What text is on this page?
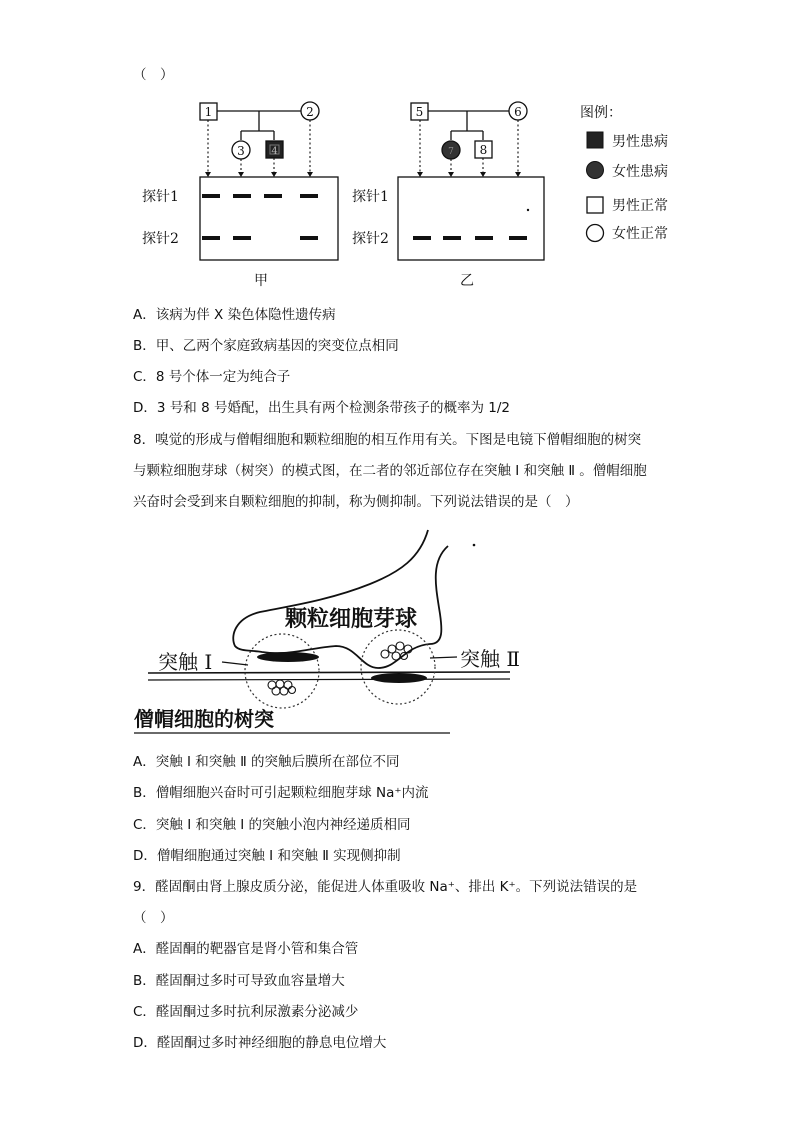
（　）
1	2
3	4
5	6
7 8
探针1
探针2
探针1
探针2
甲	乙
图例：
男性患病
女性患病
男性正常
女性正常
A．该病为伴 X 染色体隐性遗传病
B．甲、乙两个家庭致病基因的突变位点相同
C．8 号个体一定为纯合子
D．3 号和 8 号婚配，出生具有两个检测条带孩子的概率为 1/2
8．嗅觉的形成与僧帽细胞和颗粒细胞的相互作用有关。下图是电镜下僧帽细胞的树突
与颗粒细胞芽球（树突）的模式图，在二者的邻近部位存在突触 I 和突触 Ⅱ 。僧帽细胞
兴奋时会受到来自颗粒细胞的抑制，称为侧抑制。下列说法错误的是（　）
颗粒细胞芽球
突触 I	突触 Ⅱ
僧帽细胞的树突
A．突触 I 和突触 Ⅱ 的突触后膜所在部位不同
B．僧帽细胞兴奋时可引起颗粒细胞芽球 Na⁺内流
C．突触 I 和突触 I 的突触小泡内神经递质相同
D．僧帽细胞通过突触 I 和突触 Ⅱ 实现侧抑制
9．醛固酮由肾上腺皮质分泌，能促进人体重吸收 Na⁺、排出 K⁺。下列说法错误的是
（　）
A．醛固酮的靶器官是肾小管和集合管
B．醛固酮过多时可导致血容量增大
C．醛固酮过多时抗利尿激素分泌减少
D．醛固酮过多时神经细胞的静息电位增大
